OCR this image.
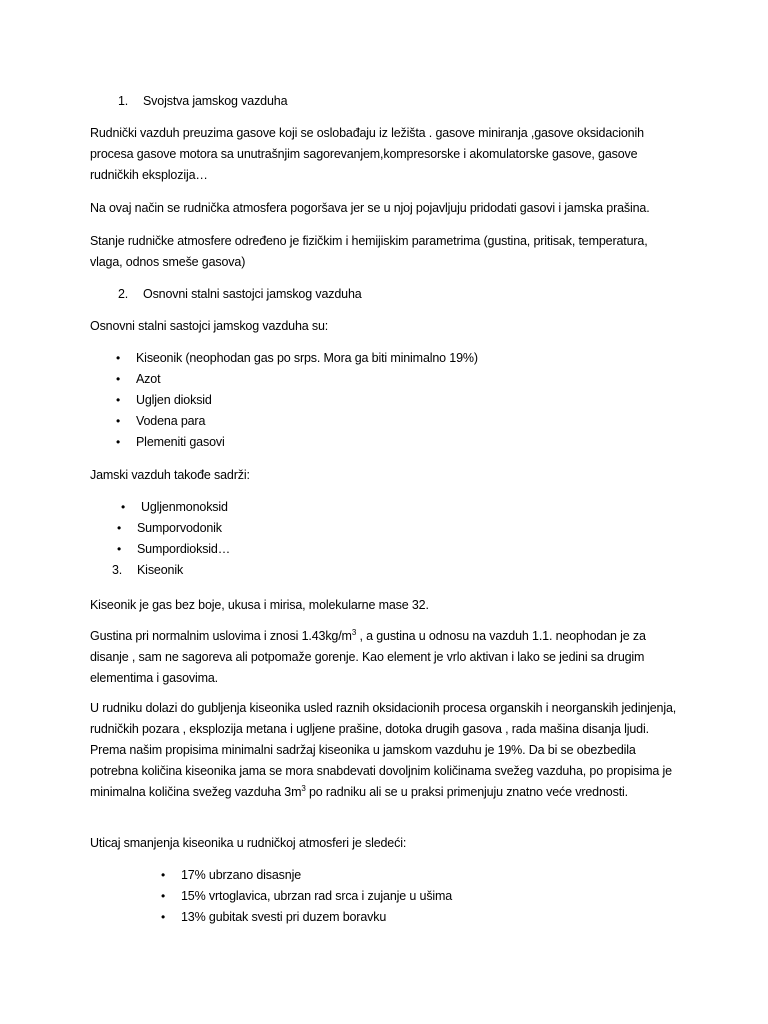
1. Svojstva jamskog vazduha

Rudnički vazduh preuzima gasove koji se oslobađaju iz ležišta . gasove miniranja ,gasove oksidacionih procesa gasove motora sa unutrašnjim sagorevanjem,kompresorske i akomulatorske gasove, gasove rudničkih eksplozija…

Na ovaj način se rudnička atmosfera pogoršava jer se u njoj pojavljuju pridodati gasovi i jamska prašina.

Stanje rudničke atmosfere određeno je fizičkim i hemijiskim parametrima (gustina, pritisak, temperatura, vlaga, odnos smeše gasova)

2. Osnovni stalni sastojci jamskog vazduha

Osnovni stalni sastojci jamskog vazduha su:

• Kiseonik (neophodan gas po srps. Mora ga biti minimalno 19%)
• Azot
• Ugljen dioksid
• Vodena para
• Plemeniti gasovi

Jamski vazduh takođe sadrži:

• Ugljenmonoksid
• Sumporvodonik
• Sumpordioksid…
3. Kiseonik

Kiseonik je gas bez boje, ukusa i mirisa, molekularne mase 32.

Gustina pri normalnim uslovima i znosi $1.43kg/m^3$ , a gustina u odnosu na vazduh 1.1. neophodan je za disanje , sam ne sagoreva ali potpomaže gorenje. Kao element je vrlo aktivan i lako se jedini sa drugim elementima i gasovima.

U rudniku dolazi do gubljenja kiseonika usled raznih oksidacionih procesa organskih i neorganskih jedinjenja, rudničkih pozara , eksplozija metana i ugljene prašine, dotoka drugih gasova , rada mašina disanja ljudi. Prema našim propisima minimalni sadržaj kiseonika u jamskom vazduhu je 19%. Da bi se obezbedila potrebna količina kiseonika jama se mora snabdevati dovoljnim količinama svežeg vazduha, po propisima je minimalna količina svežeg vazduha $3m^3$ po radniku ali se u praksi primenjuju znatno veće vrednosti.

Uticaj smanjenja kiseonika u rudničkoj atmosferi je sledeći:

• 17% ubrzano disasnje
• 15% vrtoglavica, ubrzan rad srca i zujanje u ušima
• 13% gubitak svesti pri duzem boravku
